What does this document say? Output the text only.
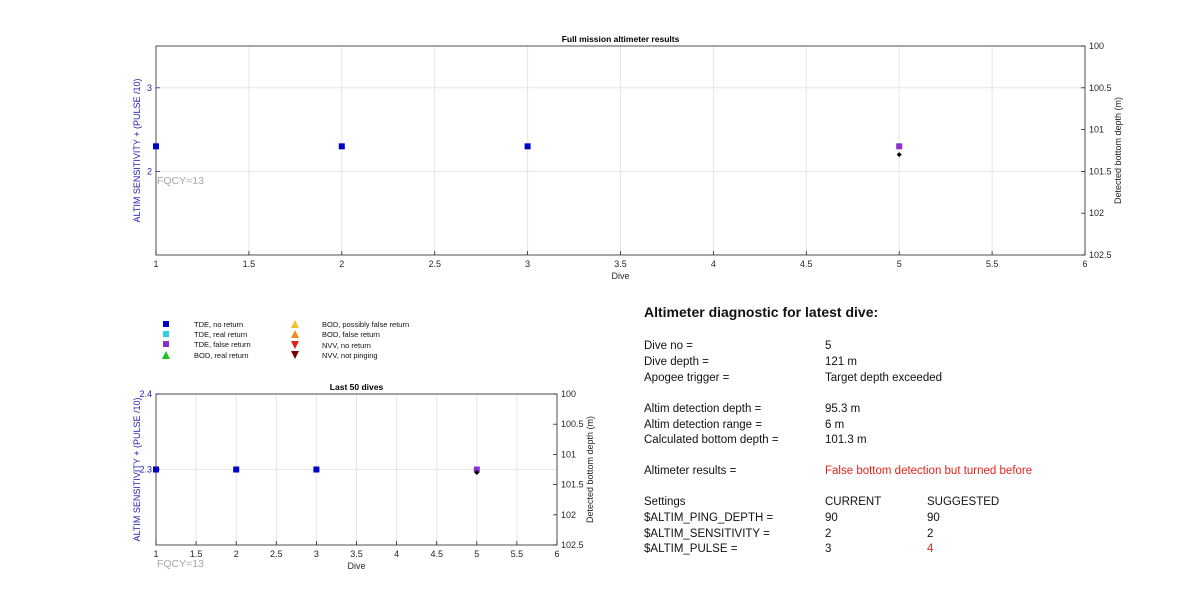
Full mission altimeter results
1	1.5	2	2.5	3	3.5	4	4.5	5	5.5	6
Dive
2
3
ALTIM SENSITIVITY + (PULSE /10)
100
100.5
101
101.5
102
102.5
Detected bottom depth (m)
FQCY=13
Last 50 dives
1	1.5	2	2.5	3	3.5	4	4.5	5	5.5	6
Dive
2.3
2.4
ALTIM SENSITIVITY + (PULSE /10)
100
100.5
101
101.5
102
102.5
Detected bottom depth (m)
FQCY=13
TDE, no return
TDE, real return
TDE, false return
BOD, real return
BOD, possibly false return
BOD, false return
NVV, no return
NVV, not pinging
Altimeter diagnostic for latest dive:
Dive no =	5
Dive depth =	121 m
Apogee trigger =	Target depth exceeded
Altim detection depth =	95.3 m
Altim detection range =	6 m
Calculated bottom depth =	101.3 m
Altimeter results =	False bottom detection but turned before
Settings	CURRENT	SUGGESTED
$ALTIM_PING_DEPTH =	90	90
$ALTIM_SENSITIVITY =	2	2
$ALTIM_PULSE =	3	4
